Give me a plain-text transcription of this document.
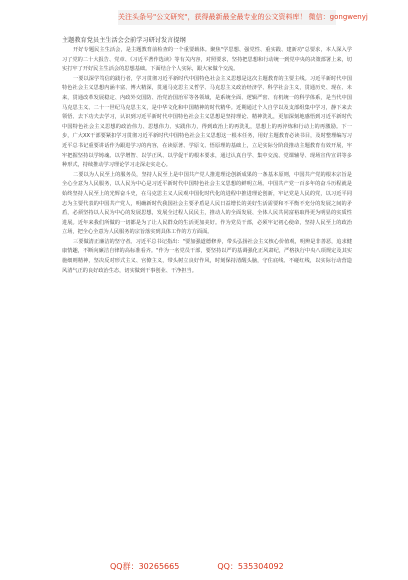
关注头条号"公文研究"，获得最新最全最专业的公文资料库！ 微信：gongwenyj

主题教育党员主生活会会前学习研讨发言提纲

开好专题民主生活会，是主题教育前检查的一个重要载体。聚焦"学思想、强党性、重实践、建新功"总要求，本人深入学习了党的二十大报告、党章、《习近平著作选读》等有关内容，对照要求，坚持把思想和行动统一到党中央的决策部署上来，切实打牢了开好民主生活会的思想基础。下面结合个人实际，跟大家做个交流。

一要以深学笃信的践行者，学习贯彻习近平新时代中国特色社会主义思想是这次主题教育的主要主线。习近平新时代中国特色社会主义思想内涵丰富、博大精深，贯通马克思主义哲学、马克思主义政治经济学、科学社会主义，贯通历史、现在、未来，贯通改革发展稳定、内政外交国防、治党治国治军等各领域，是系统全面、逻辑严密、有机统一的科学体系，是当代中国马克思主义、二十一世纪马克思主义，是中华文化和中国精神的时代精华。近期通过个人自学以及支部组集中学习，静下来去领悟、去下功夫去学习，认识到习近平新时代中国特色社会主义思想是坚持理论、精神洗礼，更加深刻地感悟到习近平新时代中国特色社会主义思想的政治伟力、思想伟力、实践伟力，得到政治上的再洗礼，思想上的再淬炼和行动上的再激励。下一步，广大XX干部要紧扣学习贯彻习近平新时代中国特色社会主义思想这一根本任务，用好主题教育必读书目，及时整理编写习近平总书记重要讲话作为跟进学习的内容，在读原著、学原文、悟原理的基础上，立足实际分阶段推动主题教育有效开展，牢牢把握坚持以学铸魂、以学增智、以学正风、以学促干的根本要求，通过认真自学、集中交流、党课辅导、现场宣传宣讲等多种形式，持续推动学习理论学习走深走实走心。

二要以为人民至上的服务员，坚持人民至上是中国共产党人推进理论创新成果的一条基本原则，中国共产党的根本宗旨是全心全意为人民服务，以人民为中心是习近平新时代中国特色社会主义思想的鲜明立场。中国共产党一百多年的奋斗历程就是始终坚持人民至上的光辉奋斗史，在马克思主义人民观中国化时代化的进程中推进理论创新，牢记党是人民的党，以习近平同志为主要代表的中国共产党人，明确新时代我国社会主要矛盾是人民日益增长的美好生活需要和不平衡不充分的发展之间的矛盾，必须坚持以人民为中心的发展思想，发展全过程人民民主，推动人的全面发展、全体人民共同富裕取得更为明显的实质性进展。近年来我们所做的一切都是为了让人民群众的生活更加美好。作为党员干部，必须牢记初心使命，坚持人民至上的政治立场，把全心全意为人民服务的宗旨落实到具体工作的方方面面。

三要做清正廉洁的坚守者。习近平总书记指出："要加强道德修养，带头弘扬社会主义核心价值观，明辨是非善恶，追求健康情趣，不断向廉洁自律的高标准看齐。"作为一名党员干部，要坚持以严的基调强化正风肃纪，严格执行中央八项规定及其实施细则精神，坚决反对形式主义、官僚主义，带头树立良好作风，时刻保持清醒头脑，守住底线、不碰红线，以实际行动营造风清气正的良好政治生态，切实做到干事创业、干净担当。

QQ群：30265665	QQ：535304092
